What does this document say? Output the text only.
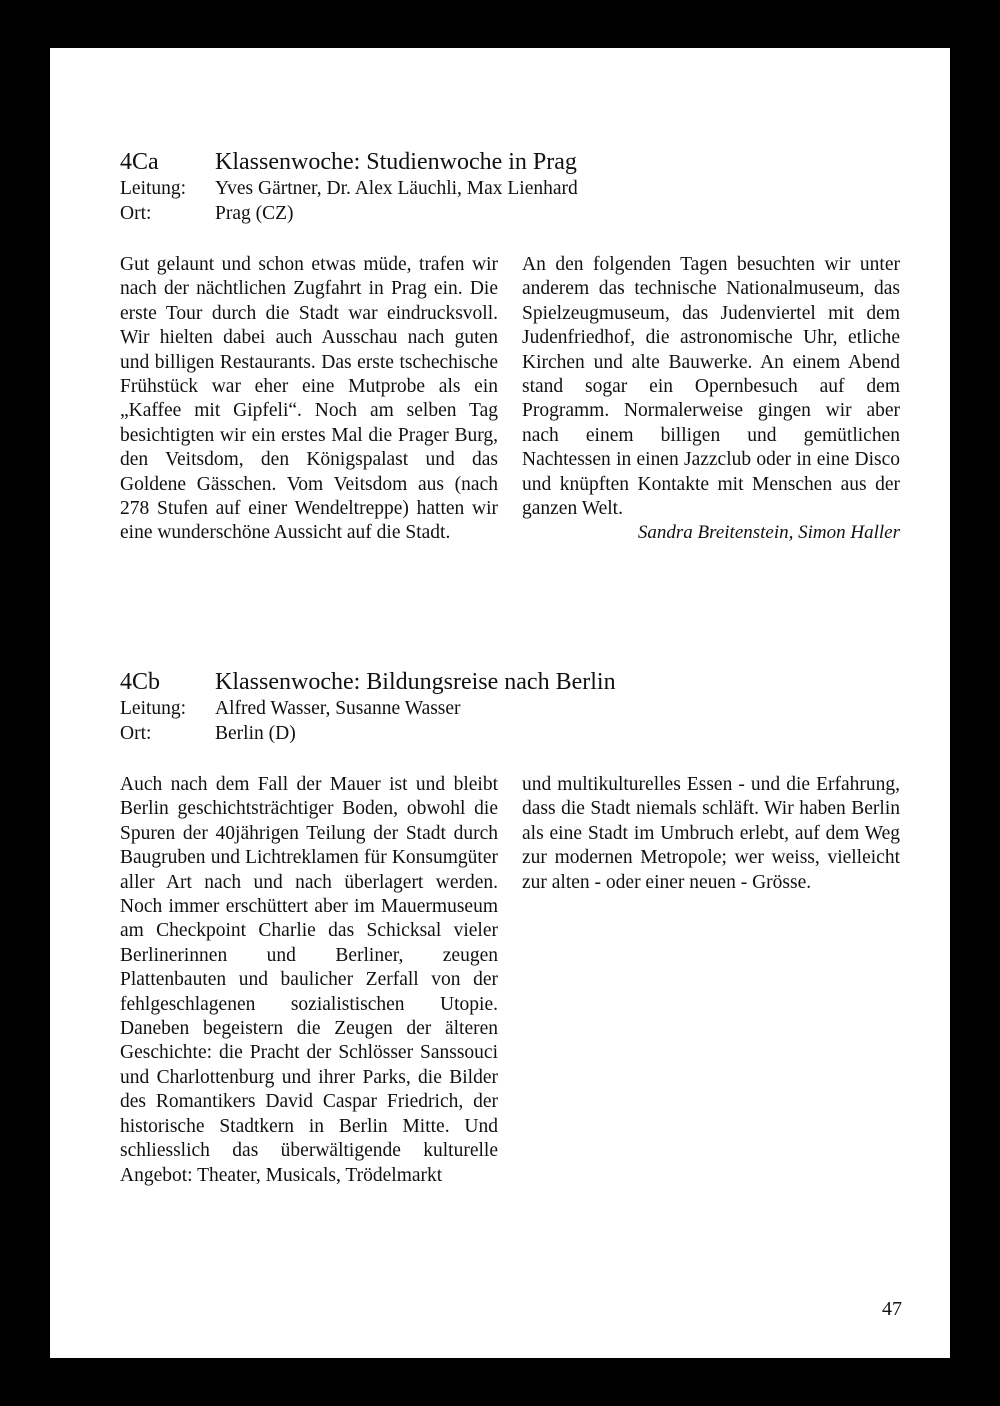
4Ca	Klassenwoche: Studienwoche in Prag
Leitung:	Yves Gärtner, Dr. Alex Läuchli, Max Lienhard
Ort:	Prag (CZ)

Gut gelaunt und schon etwas müde, trafen wir nach der nächtlichen Zugfahrt in Prag ein. Die erste Tour durch die Stadt war eindrucksvoll. Wir hielten dabei auch Ausschau nach guten und billigen Restaurants. Das erste tschechische Frühstück war eher eine Mutprobe als ein „Kaffee mit Gipfeli“. Noch am selben Tag besichtigten wir ein erstes Mal die Prager Burg, den Veitsdom, den Königspalast und das Goldene Gässchen. Vom Veitsdom aus (nach 278 Stufen auf einer Wendeltreppe) hatten wir eine wunderschöne Aussicht auf die Stadt.

An den folgenden Tagen besuchten wir unter anderem das technische Nationalmuseum, das Spielzeugmuseum, das Judenviertel mit dem Judenfriedhof, die astronomische Uhr, etliche Kirchen und alte Bauwerke. An einem Abend stand sogar ein Opernbesuch auf dem Programm. Normalerweise gingen wir aber nach einem billigen und gemütlichen Nachtessen in einen Jazzclub oder in eine Disco und knüpften Kontakte mit Menschen aus der ganzen Welt.

Sandra Breitenstein, Simon Haller
4Cb	Klassenwoche: Bildungsreise nach Berlin
Leitung:	Alfred Wasser, Susanne Wasser
Ort:	Berlin (D)

Auch nach dem Fall der Mauer ist und bleibt Berlin geschichtsträchtiger Boden, obwohl die Spuren der 40jährigen Teilung der Stadt durch Baugruben und Lichtreklamen für Konsumgüter aller Art nach und nach überlagert werden. Noch immer erschüttert aber im Mauermuseum am Checkpoint Charlie das Schicksal vieler Berlinerinnen und Berliner, zeugen Plattenbauten und baulicher Zerfall von der fehlgeschlagenen sozialistischen Utopie. Daneben begeistern die Zeugen der älteren Geschichte: die Pracht der Schlösser Sanssouci und Charlottenburg und ihrer Parks, die Bilder des Romantikers David Caspar Friedrich, der historische Stadtkern in Berlin Mitte. Und schliesslich das überwältigende kulturelle Angebot: Theater, Musicals, Trödelmarkt

und multikulturelles Essen - und die Erfahrung, dass die Stadt niemals schläft. Wir haben Berlin als eine Stadt im Umbruch erlebt, auf dem Weg zur modernen Metropole; wer weiss, vielleicht zur alten - oder einer neuen - Grösse.

47
